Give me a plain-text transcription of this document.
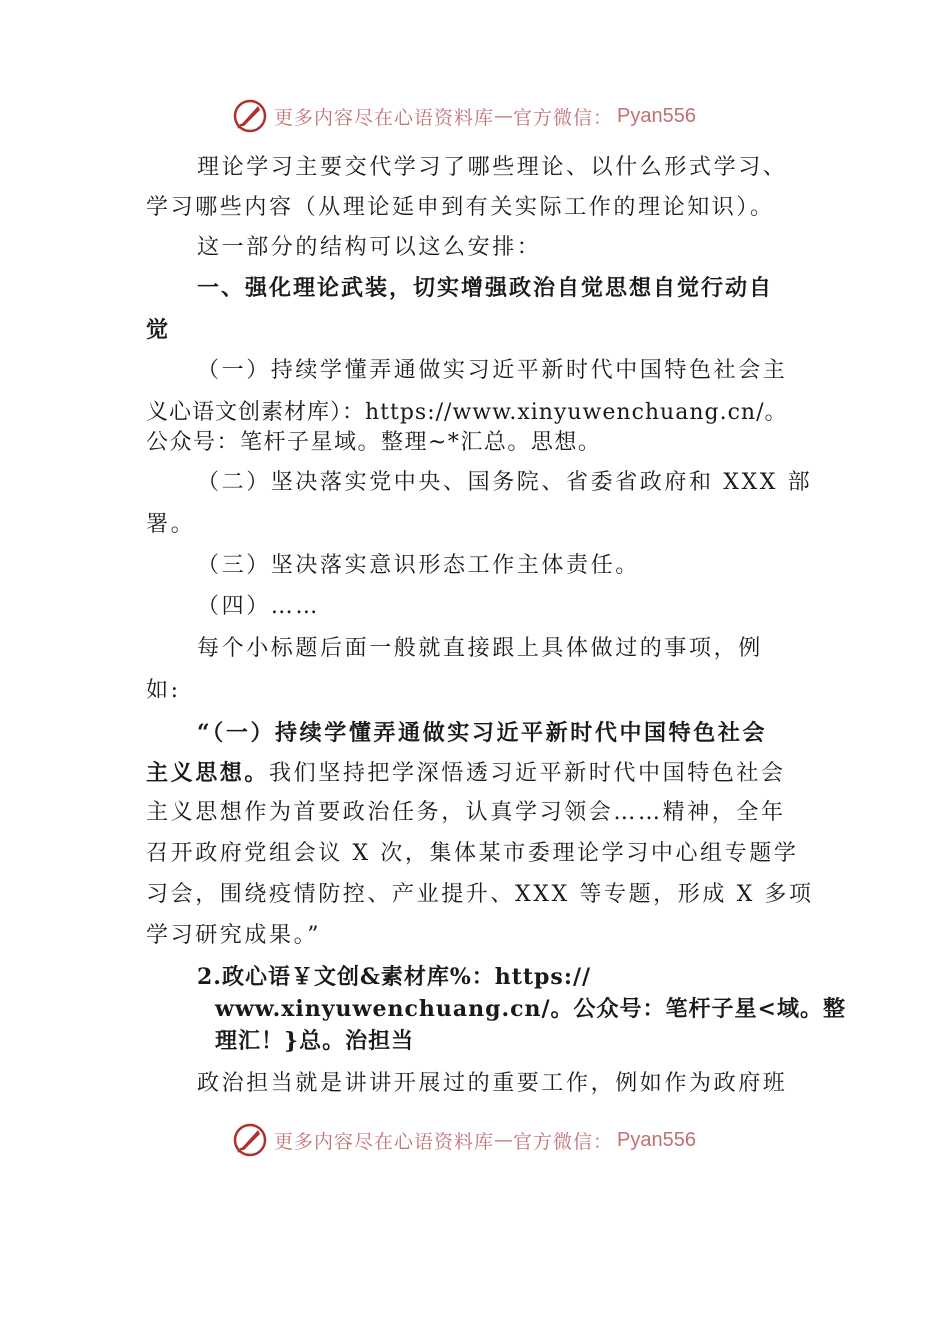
更多内容尽在心语资料库 — 官方微信： Pyan556
理论学习主要交代学习了哪些理论、以什么形式学习、
学习哪些内容（从理论延申到有关实际工作的理论知识）。
这一部分的结构可以这么安排：
一、强化理论武装，切实增强政治自觉思想自觉行动自
觉
（一）持续学懂弄通做实习近平新时代中国特色社会主
义心语文创素材库）：https://www.xinyuwenchuang.cn/。
公众号：笔杆子星域。整理~*汇总。思想。
（二）坚决落实党中央、国务院、省委省政府和 XXX 部
署。
（三）坚决落实意识形态工作主体责任。
（四）……
每个小标题后面一般就直接跟上具体做过的事项，例
如:
“（一）持续学懂弄通做实习近平新时代中国特色社会
主义思想。我们坚持把学深悟透习近平新时代中国特色社会
主义思想作为首要政治任务，认真学习领会……精神，全年
召开政府党组会议 X 次，集体某市委理论学习中心组专题学
习会，围绕疫情防控、产业提升、XXX 等专题，形成 X 多项
学习研究成果。”
2.政心语￥文创&素材库%：https://
www.xinyuwenchuang.cn/。公众号：笔杆子星<域。整
理汇！}总。治担当
政治担当就是讲讲开展过的重要工作，例如作为政府班
更多内容尽在心语资料库 — 官方微信： Pyan556
